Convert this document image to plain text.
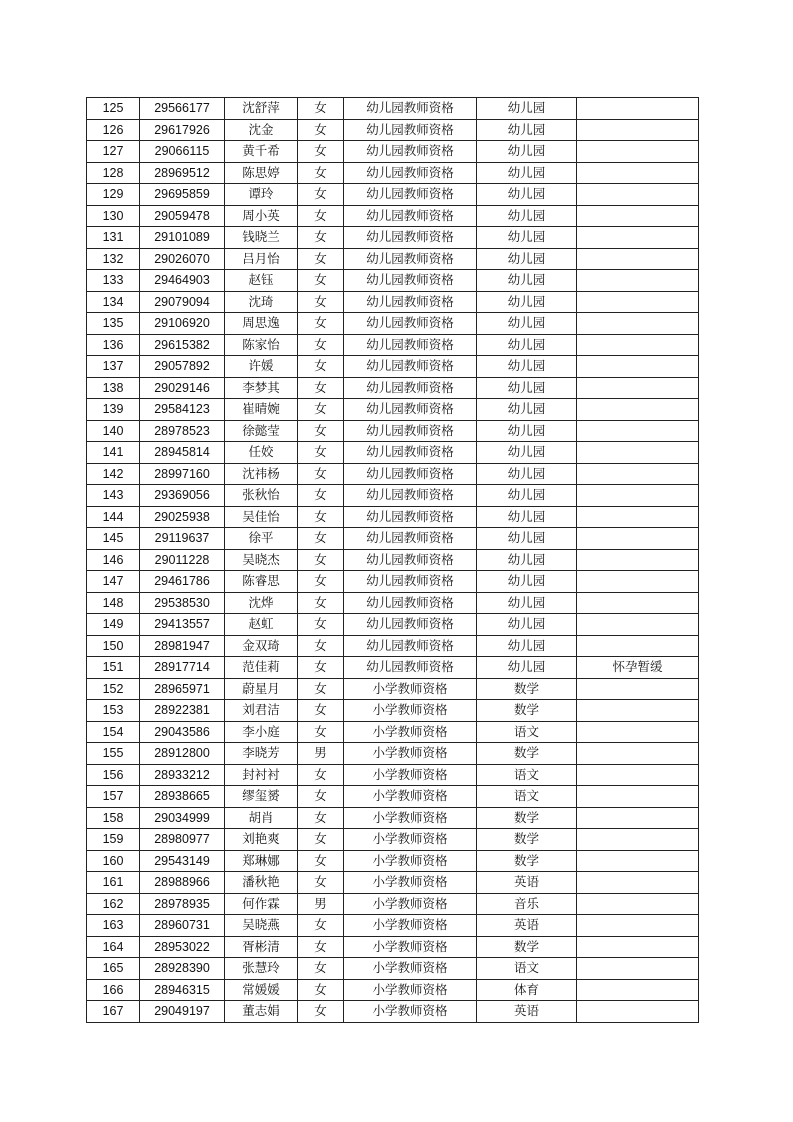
125	29566177	沈舒萍	女	幼儿园教师资格	幼儿园	
126	29617926	沈金	女	幼儿园教师资格	幼儿园	
127	29066115	黄千希	女	幼儿园教师资格	幼儿园	
128	28969512	陈思婷	女	幼儿园教师资格	幼儿园	
129	29695859	谭玲	女	幼儿园教师资格	幼儿园	
130	29059478	周小英	女	幼儿园教师资格	幼儿园	
131	29101089	钱晓兰	女	幼儿园教师资格	幼儿园	
132	29026070	吕月怡	女	幼儿园教师资格	幼儿园	
133	29464903	赵钰	女	幼儿园教师资格	幼儿园	
134	29079094	沈琦	女	幼儿园教师资格	幼儿园	
135	29106920	周思逸	女	幼儿园教师资格	幼儿园	
136	29615382	陈家怡	女	幼儿园教师资格	幼儿园	
137	29057892	许媛	女	幼儿园教师资格	幼儿园	
138	29029146	李梦其	女	幼儿园教师资格	幼儿园	
139	29584123	崔晴婉	女	幼儿园教师资格	幼儿园	
140	28978523	徐懿莹	女	幼儿园教师资格	幼儿园	
141	28945814	任姣	女	幼儿园教师资格	幼儿园	
142	28997160	沈祎杨	女	幼儿园教师资格	幼儿园	
143	29369056	张秋怡	女	幼儿园教师资格	幼儿园	
144	29025938	吴佳怡	女	幼儿园教师资格	幼儿园	
145	29119637	徐平	女	幼儿园教师资格	幼儿园	
146	29011228	吴晓杰	女	幼儿园教师资格	幼儿园	
147	29461786	陈睿思	女	幼儿园教师资格	幼儿园	
148	29538530	沈烨	女	幼儿园教师资格	幼儿园	
149	29413557	赵虹	女	幼儿园教师资格	幼儿园	
150	28981947	金双琦	女	幼儿园教师资格	幼儿园	
151	28917714	范佳莉	女	幼儿园教师资格	幼儿园	怀孕暂缓
152	28965971	蔚星月	女	小学教师资格	数学	
153	28922381	刘君洁	女	小学教师资格	数学	
154	29043586	李小庭	女	小学教师资格	语文	
155	28912800	李晓芳	男	小学教师资格	数学	
156	28933212	封衬衬	女	小学教师资格	语文	
157	28938665	缪玺赟	女	小学教师资格	语文	
158	29034999	胡肖	女	小学教师资格	数学	
159	28980977	刘艳爽	女	小学教师资格	数学	
160	29543149	郑琳娜	女	小学教师资格	数学	
161	28988966	潘秋艳	女	小学教师资格	英语	
162	28978935	何作霖	男	小学教师资格	音乐	
163	28960731	吴晓燕	女	小学教师资格	英语	
164	28953022	胥彬清	女	小学教师资格	数学	
165	28928390	张慧玲	女	小学教师资格	语文	
166	28946315	常媛媛	女	小学教师资格	体育	
167	29049197	董志娟	女	小学教师资格	英语	
